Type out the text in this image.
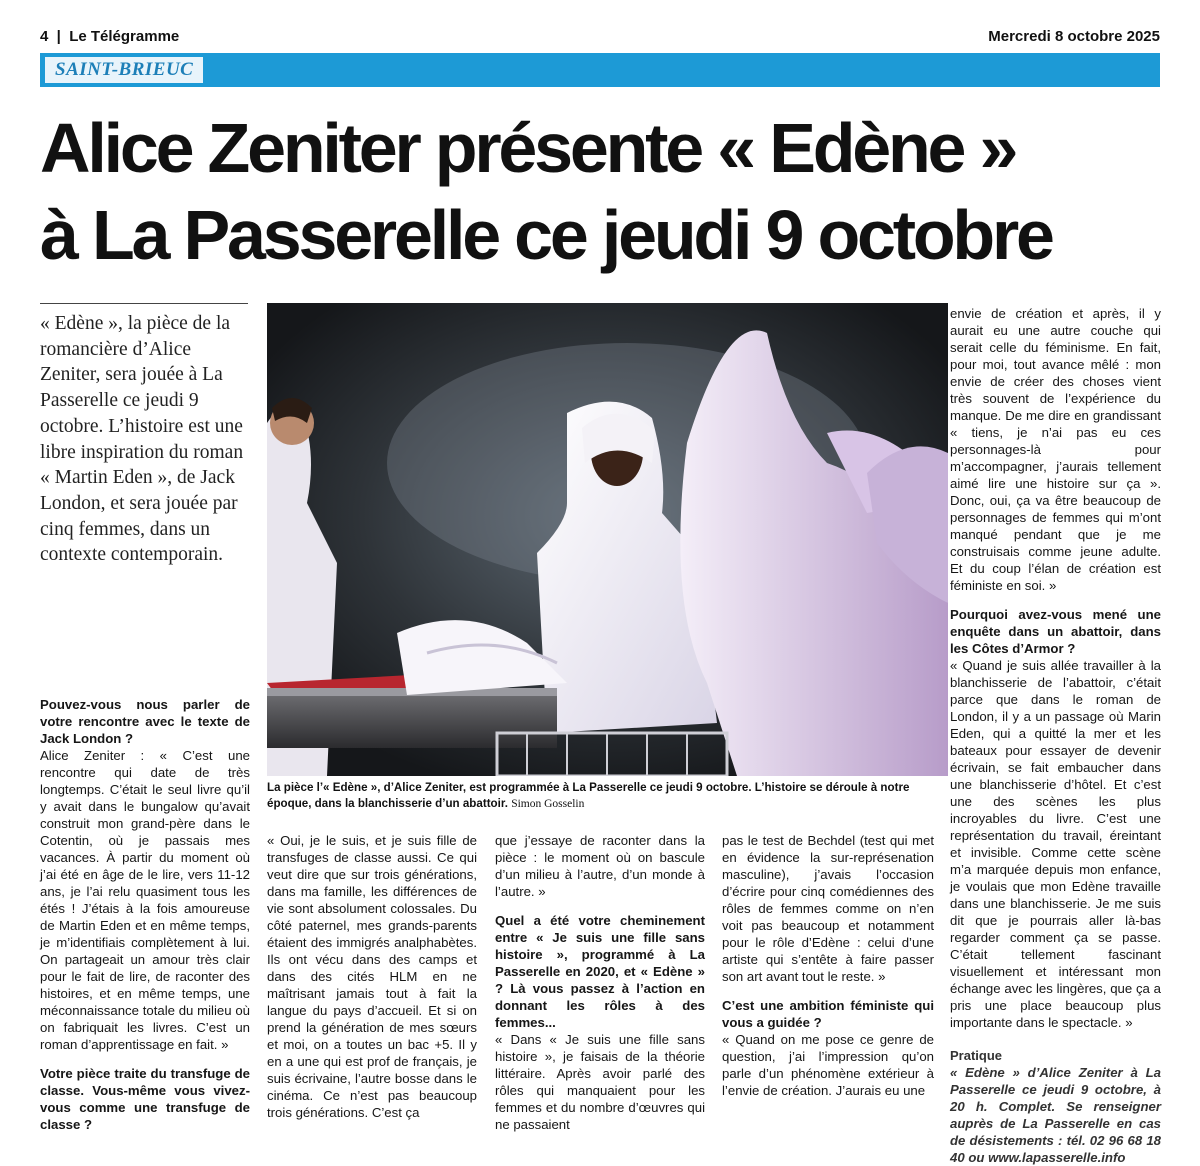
4  |  Le Télégramme	Mercredi 8 octobre 2025
SAINT-BRIEUC
Alice Zeniter présente « Edène »
à La Passerelle ce jeudi 9 octobre
« Edène », la pièce de la romancière d’Alice Zeniter, sera jouée à La Passerelle ce jeudi 9 octobre. L’histoire est une libre inspiration du roman « Martin Eden », de Jack London, et sera jouée par cinq femmes, dans un contexte contemporain.
La pièce l’« Edène », d’Alice Zeniter, est programmée à La Passerelle ce jeudi 9 octobre. L’histoire se déroule à notre époque, dans la blanchisserie d’un abattoir. Simon Gosselin

Pouvez-vous nous parler de votre rencontre avec le texte de Jack London ?

Alice Zeniter : « C’est une rencontre qui date de très longtemps. C’était le seul livre qu’il y avait dans le bungalow qu’avait construit mon grand-père dans le Cotentin, où je passais mes vacances. À partir du moment où j’ai été en âge de le lire, vers 11-12 ans, je l’ai relu quasiment tous les étés ! J’étais à la fois amoureuse de Martin Eden et en même temps, je m’identifiais complètement à lui. On partageait un amour très clair pour le fait de lire, de raconter des histoires, et en même temps, une méconnaissance totale du milieu où on fabriquait les livres. C’est un roman d’apprentissage en fait. »

Votre pièce traite du transfuge de classe. Vous-même vous vivez-vous comme une transfuge de classe ?

« Oui, je le suis, et je suis fille de transfuges de classe aussi. Ce qui veut dire que sur trois générations, dans ma famille, les différences de vie sont absolument colossales. Du côté paternel, mes grands-parents étaient des immigrés analphabètes. Ils ont vécu dans des camps et dans des cités HLM en ne maîtrisant jamais tout à fait la langue du pays d’accueil. Et si on prend la génération de mes sœurs et moi, on a toutes un bac +5. Il y en a une qui est prof de français, je suis écrivaine, l’autre bosse dans le cinéma. Ce n’est pas beaucoup trois générations. C’est ça

que j’essaye de raconter dans la pièce : le moment où on bascule d’un milieu à l’autre, d’un monde à l’autre. »

Quel a été votre cheminement entre « Je suis une fille sans histoire », programmé à La Passerelle en 2020, et « Edène » ? Là vous passez à l’action en donnant les rôles à des femmes...

« Dans « Je suis une fille sans histoire », je faisais de la théorie littéraire. Après avoir parlé des rôles qui manquaient pour les femmes et du nombre d’œuvres qui ne passaient

pas le test de Bechdel (test qui met en évidence la sur-représenation masculine), j’avais l’occasion d’écrire pour cinq comédiennes des rôles de femmes comme on n’en voit pas beaucoup et notamment pour le rôle d’Edène : celui d’une artiste qui s’entête à faire passer son art avant tout le reste. »

C’est une ambition féministe qui vous a guidée ?

« Quand on me pose ce genre de question, j’ai l’impression qu’on parle d’un phénomène extérieur à l’envie de création. J’aurais eu une

envie de création et après, il y aurait eu une autre couche qui serait celle du féminisme. En fait, pour moi, tout avance mêlé : mon envie de créer des choses vient très souvent de l’expérience du manque. De me dire en grandissant « tiens, je n’ai pas eu ces personnages-là pour m’accompagner, j’aurais tellement aimé lire une histoire sur ça ». Donc, oui, ça va être beaucoup de personnages de femmes qui m’ont manqué pendant que je me construisais comme jeune adulte. Et du coup l’élan de création est féministe en soi. »

Pourquoi avez-vous mené une enquête dans un abattoir, dans les Côtes d’Armor ?

« Quand je suis allée travailler à la blanchisserie de l’abattoir, c’était parce que dans le roman de London, il y a un passage où Marin Eden, qui a quitté la mer et les bateaux pour essayer de devenir écrivain, se fait embaucher dans une blanchisserie d’hôtel. Et c’est une des scènes les plus incroyables du livre. C’est une représentation du travail, éreintant et invisible. Comme cette scène m’a marquée depuis mon enfance, je voulais que mon Edène travaille dans une blanchisserie. Je me suis dit que je pourrais aller là-bas regarder comment ça se passe. C’était tellement fascinant visuellement et intéressant mon échange avec les lingères, que ça a pris une place beaucoup plus importante dans le spectacle. »

Pratique

« Edène » d’Alice Zeniter à La Passerelle ce jeudi 9 octobre, à 20 h. Complet. Se renseigner auprès de La Passerelle en cas de désistements : tél. 02 96 68 18 40 ou www.lapasserelle.info
